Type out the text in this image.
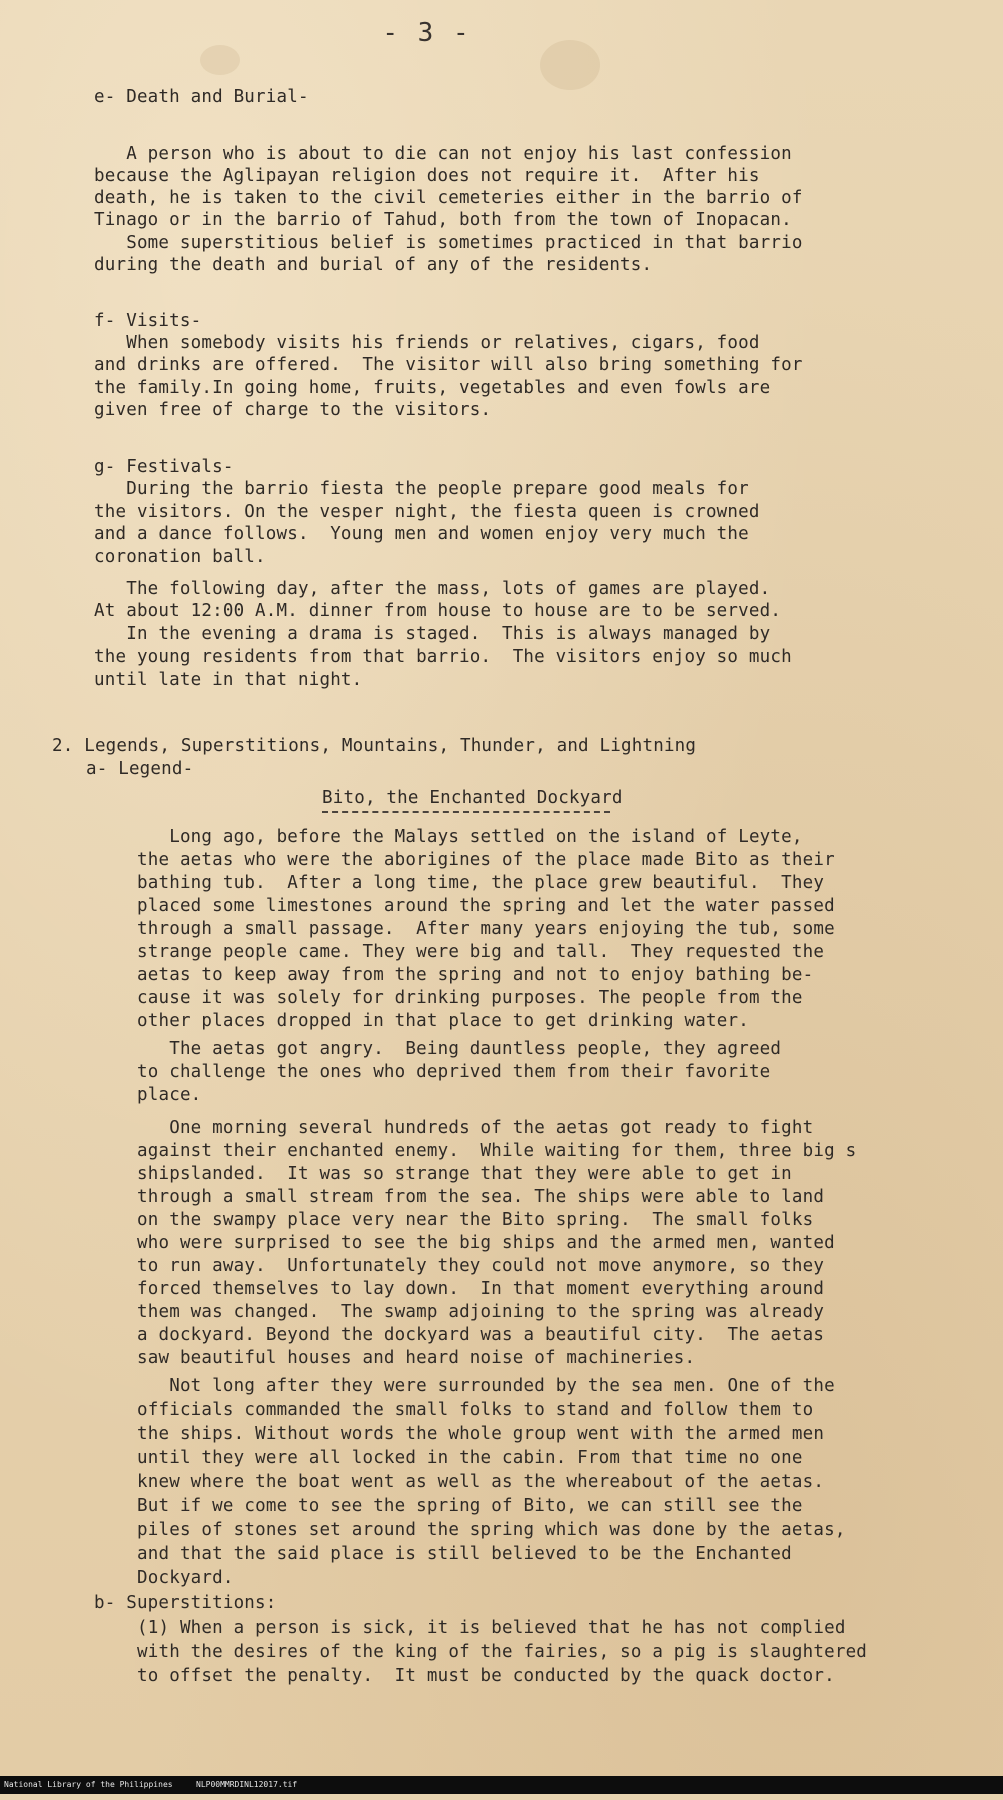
- 3 -
e- Death and Burial-
A person who is about to die can not enjoy his last confession
because the Aglipayan religion does not require it.  After his
death, he is taken to the civil cemeteries either in the barrio of
Tinago or in the barrio of Tahud, both from the town of Inopacan.
Some superstitious belief is sometimes practiced in that barrio
during the death and burial of any of the residents.
f- Visits-
When somebody visits his friends or relatives, cigars, food
and drinks are offered.  The visitor will also bring something for
the family.In going home, fruits, vegetables and even fowls are
given free of charge to the visitors.
g- Festivals-
During the barrio fiesta the people prepare good meals for
the visitors. On the vesper night, the fiesta queen is crowned
and a dance follows.  Young men and women enjoy very much the
coronation ball.
The following day, after the mass, lots of games are played.
At about 12:00 A.M. dinner from house to house are to be served.
In the evening a drama is staged.  This is always managed by
the young residents from that barrio.  The visitors enjoy so much
until late in that night.
2. Legends, Superstitions, Mountains, Thunder, and Lightning
a- Legend-
Bito, the Enchanted Dockyard
Long ago, before the Malays settled on the island of Leyte,
the aetas who were the aborigines of the place made Bito as their
bathing tub.  After a long time, the place grew beautiful.  They
placed some limestones around the spring and let the water passed
through a small passage.  After many years enjoying the tub, some
strange people came. They were big and tall.  They requested the
aetas to keep away from the spring and not to enjoy bathing be-
cause it was solely for drinking purposes. The people from the
other places dropped in that place to get drinking water.
The aetas got angry.  Being dauntless people, they agreed
to challenge the ones who deprived them from their favorite
place.
One morning several hundreds of the aetas got ready to fight
against their enchanted enemy.  While waiting for them, three big s
shipslanded.  It was so strange that they were able to get in
through a small stream from the sea. The ships were able to land
on the swampy place very near the Bito spring.  The small folks
who were surprised to see the big ships and the armed men, wanted
to run away.  Unfortunately they could not move anymore, so they
forced themselves to lay down.  In that moment everything around
them was changed.  The swamp adjoining to the spring was already
a dockyard. Beyond the dockyard was a beautiful city.  The aetas
saw beautiful houses and heard noise of machineries.
Not long after they were surrounded by the sea men. One of the
officials commanded the small folks to stand and follow them to
the ships. Without words the whole group went with the armed men
until they were all locked in the cabin. From that time no one
knew where the boat went as well as the whereabout of the aetas.
But if we come to see the spring of Bito, we can still see the
piles of stones set around the spring which was done by the aetas,
and that the said place is still believed to be the Enchanted
Dockyard.
b- Superstitions:
(1) When a person is sick, it is believed that he has not complied
with the desires of the king of the fairies, so a pig is slaughtered
to offset the penalty.  It must be conducted by the quack doctor.
National Library of the Philippines	NLP00MMRDINL12017.tif
